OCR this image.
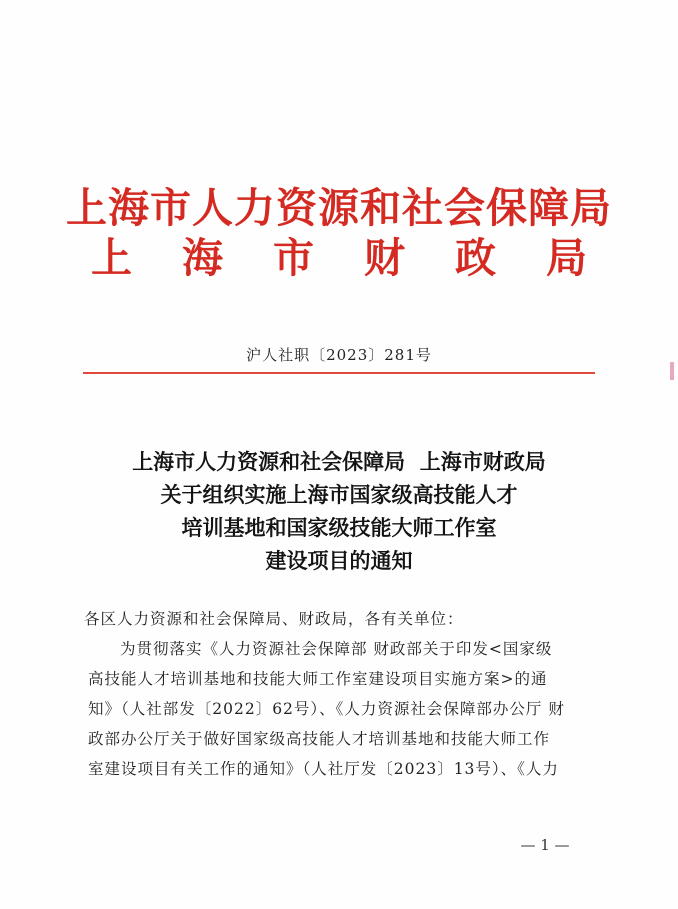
上海市人力资源和社会保障局
上 海 市 财 政 局
沪人社职〔2023〕281号
上海市人力资源和社会保障局  上海市财政局
关于组织实施上海市国家级高技能人才
培训基地和国家级技能大师工作室
建设项目的通知

各区人力资源和社会保障局、财政局，各有关单位：

为贯彻落实《人力资源社会保障部 财政部关于印发<国家级

高技能人才培训基地和技能大师工作室建设项目实施方案>的通

知》（人社部发〔2022〕62号）、《人力资源社会保障部办公厅 财

政部办公厅关于做好国家级高技能人才培训基地和技能大师工作

室建设项目有关工作的通知》（人社厅发〔2023〕13号）、《人力

— 1 —
